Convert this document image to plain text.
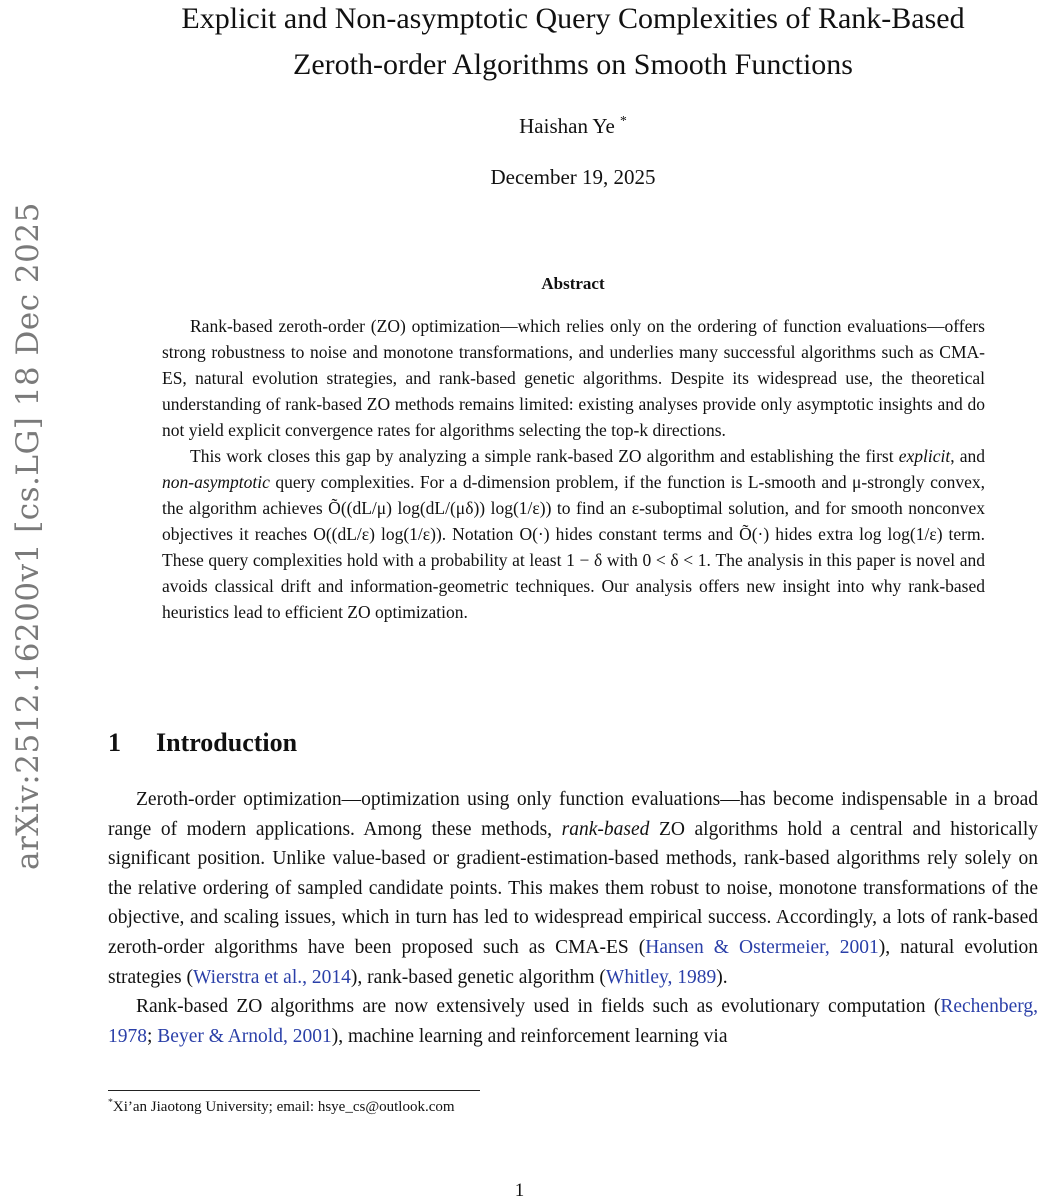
arXiv:2512.16200v1 [cs.LG] 18 Dec 2025
Explicit and Non-asymptotic Query Complexities of Rank-Based
Zeroth-order Algorithms on Smooth Functions
Haishan Ye *
December 19, 2025
Abstract

Rank-based zeroth-order (ZO) optimization—which relies only on the ordering of function evaluations—offers strong robustness to noise and monotone transformations, and underlies many successful algorithms such as CMA-ES, natural evolution strategies, and rank-based genetic algorithms. Despite its widespread use, the theoretical understanding of rank-based ZO methods remains limited: existing analyses provide only asymptotic insights and do not yield explicit convergence rates for algorithms selecting the top-k directions.

This work closes this gap by analyzing a simple rank-based ZO algorithm and establishing the first explicit, and non-asymptotic query complexities. For a d-dimension problem, if the function is L-smooth and μ-strongly convex, the algorithm achieves Õ((dL/μ) log(dL/(μδ)) log(1/ε)) to find an ε-suboptimal solution, and for smooth nonconvex objectives it reaches O((dL/ε) log(1/ε)). Notation O(·) hides constant terms and Õ(·) hides extra log log(1/ε) term. These query complexities hold with a probability at least 1 − δ with 0 < δ < 1. The analysis in this paper is novel and avoids classical drift and information-geometric techniques. Our analysis offers new insight into why rank-based heuristics lead to efficient ZO optimization.

1 Introduction

Zeroth-order optimization—optimization using only function evaluations—has become indispensable in a broad range of modern applications. Among these methods, rank-based ZO algorithms hold a central and historically significant position. Unlike value-based or gradient-estimation-based methods, rank-based algorithms rely solely on the relative ordering of sampled candidate points. This makes them robust to noise, monotone transformations of the objective, and scaling issues, which in turn has led to widespread empirical success. Accordingly, a lots of rank-based zeroth-order algorithms have been proposed such as CMA-ES (Hansen & Ostermeier, 2001), natural evolution strategies (Wierstra et al., 2014), rank-based genetic algorithm (Whitley, 1989).

Rank-based ZO algorithms are now extensively used in fields such as evolutionary computation (Rechenberg, 1978; Beyer & Arnold, 2001), machine learning and reinforcement learning via

*Xi’an Jiaotong University; email: hsye_cs@outlook.com
1
